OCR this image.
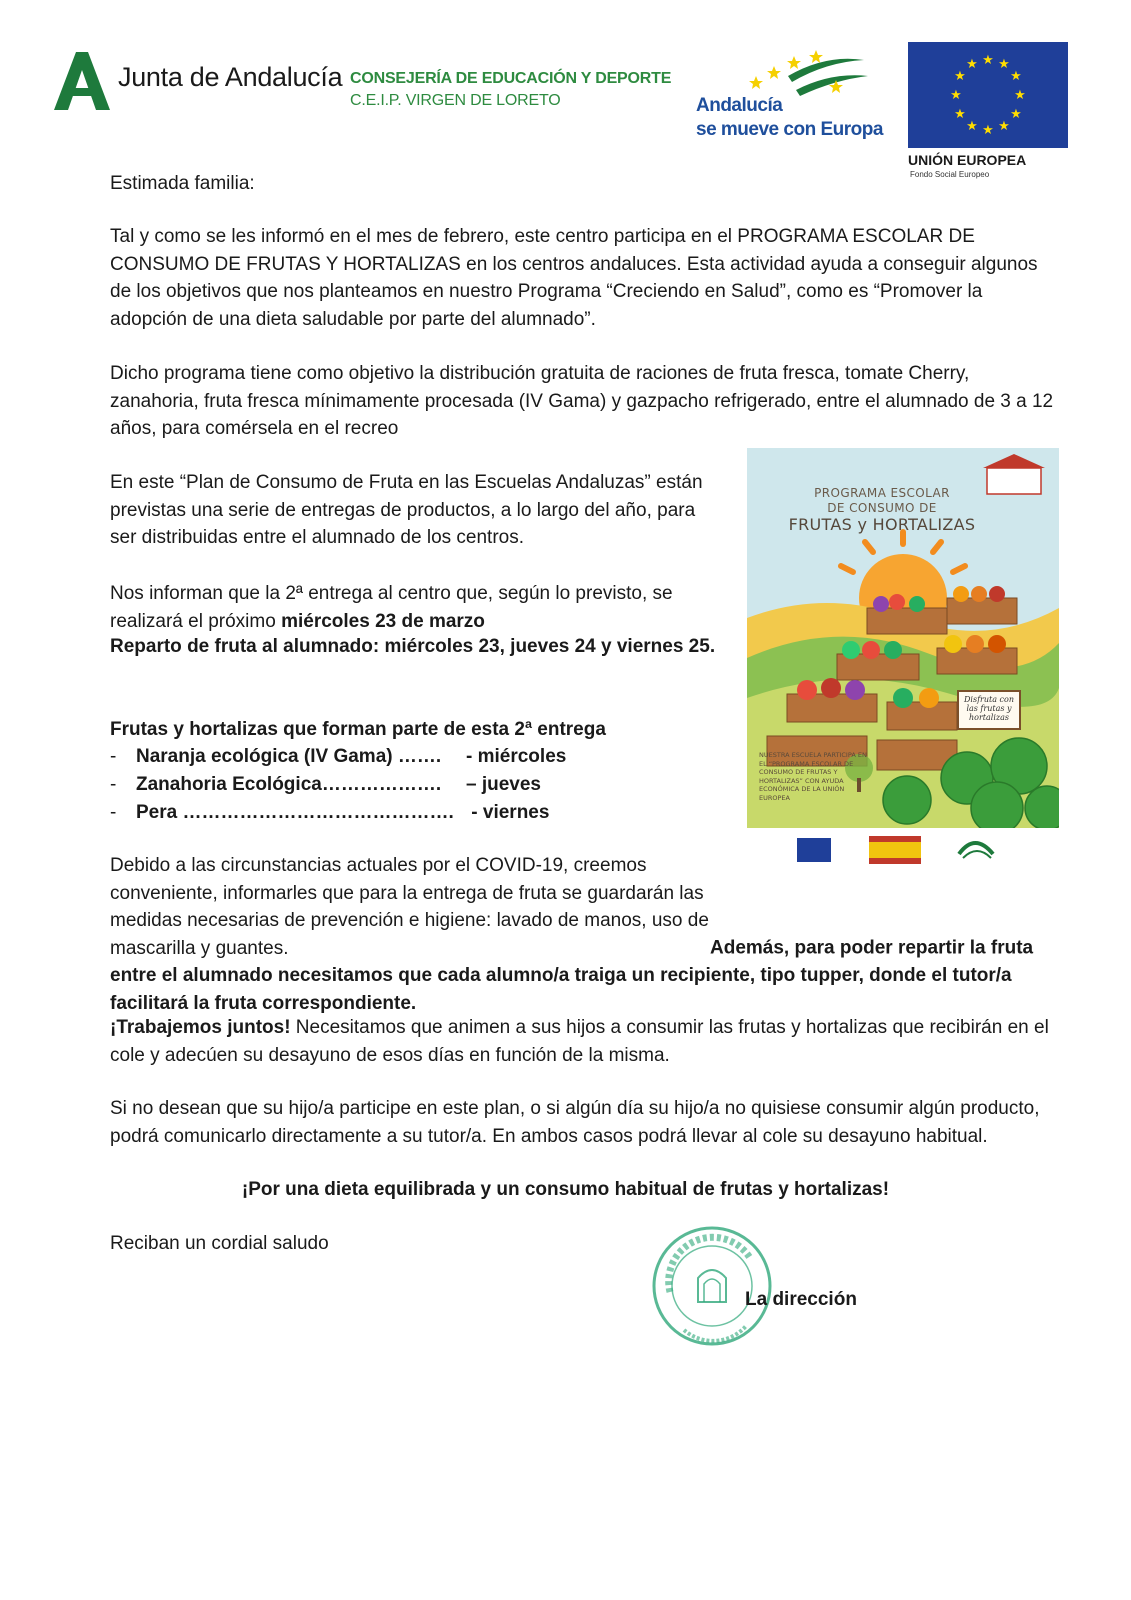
Junta de Andalucía CONSEJERÍA DE EDUCACIÓN Y DEPORTE
C.E.I.P. VIRGEN DE LORETO	Andalucía
se mueve con Europa
★ ★
★
★
★
★
★
★
★
★
★
★
UNIÓN EUROPEA
Fondo Social Europeo
Estimada familia:
Tal y como se les informó en el mes de febrero, este centro participa en el PROGRAMA ESCOLAR DE CONSUMO DE FRUTAS Y HORTALIZAS en los centros andaluces. Esta actividad ayuda a conseguir algunos de los objetivos que nos planteamos en nuestro Programa “Creciendo en Salud”, como es “Promover la adopción de una dieta saludable por parte del alumnado”.
Dicho programa tiene como objetivo la distribución gratuita de raciones de fruta fresca, tomate Cherry, zanahoria, fruta fresca mínimamente procesada (IV Gama) y gazpacho refrigerado, entre el alumnado de 3 a 12 años, para comérsela en el recreo
En este “Plan de Consumo de Fruta en las Escuelas Andaluzas” están previstas una serie de entregas de productos, a lo largo del año, para ser distribuidas entre el alumnado de los centros.
Nos informan que la 2ª entrega al centro que, según lo previsto, se realizará el próximo miércoles 23 de marzo
Reparto de fruta al alumnado: miércoles 23, jueves 24 y viernes 25.
Frutas y hortalizas que forman parte de esta 2ª entrega
- Naranja ecológica (IV Gama) ……. - miércoles
- Zanahoria Ecológica………………. – jueves
- Pera ……………………………………. - viernes
Debido a las circunstancias actuales por el COVID-19, creemos conveniente, informarles que para la entrega de fruta se guardarán las medidas necesarias de prevención e higiene: lavado de manos, uso de mascarilla y guantes.	Además, para poder repartir la fruta entre el alumnado necesitamos que cada alumno/a traiga un recipiente, tipo tupper, donde el tutor/a facilitará la fruta correspondiente.
¡Trabajemos juntos! Necesitamos que animen a sus hijos a consumir las frutas y hortalizas que recibirán en el cole y adecúen su desayuno de esos días en función de la misma.
Si no desean que su hijo/a participe en este plan, o si algún día su hijo/a no quisiese consumir algún producto, podrá comunicarlo directamente a su tutor/a. En ambos casos podrá llevar al cole su desayuno habitual.
¡Por una dieta equilibrada y un consumo habitual de frutas y hortalizas!
Reciban un cordial saludo
La dirección
PROGRAMA ESCOLAR
DE CONSUMO DE
FRUTAS y HORTALIZAS
Disfruta con las frutas y hortalizas
NUESTRA ESCUELA PARTICIPA EN EL “PROGRAMA ESCOLAR DE CONSUMO DE FRUTAS Y HORTALIZAS” CON AYUDA ECONÓMICA DE LA UNIÓN EUROPEA
